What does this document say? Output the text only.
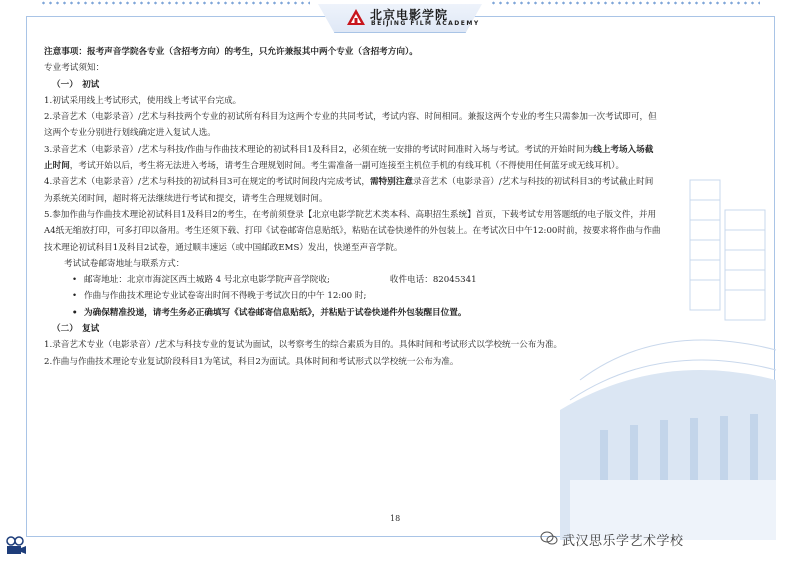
北京电影学院
BEIJING FILM ACADEMY

注意事项：报考声音学院各专业（含招考方向）的考生，只允许兼报其中两个专业（含招考方向）。

专业考试须知：

（一）　初试

1.初试采用线上考试形式，使用线上考试平台完成。

2.录音艺术（电影录音）/艺术与科技两个专业的初试所有科目为这两个专业的共同考试，考试内容、时间相同。兼报这两个专业的考生只需参加一次考试即可，但

这两个专业分别进行划线确定进入复试人选。

3.录音艺术（电影录音）/艺术与科技/作曲与作曲技术理论的初试科目1及科目2，必须在统一安排的考试时间准时入场与考试。考试的开始时间为线上考场入场截

止时间，考试开始以后，考生将无法进入考场，请考生合理规划时间。考生需准备一副可连接至主机位手机的有线耳机（不得使用任何蓝牙或无线耳机）。

4.录音艺术（电影录音）/艺术与科技的初试科目3可在规定的考试时间段内完成考试，需特别注意录音艺术（电影录音）/艺术与科技的初试科目3的考试截止时间

为系统关闭时间，超时将无法继续进行考试和提交，请考生合理规划时间。

5.参加作曲与作曲技术理论初试科目1及科目2的考生，在考前须登录【北京电影学院艺术类本科、高职招生系统】首页，下载考试专用答题纸的电子版文件，并用

A4纸无缩放打印，可多打印以备用。考生还须下载、打印《试卷邮寄信息贴纸》，粘贴在试卷快递件的外包装上。在考试次日中午12:00时前，按要求将作曲与作曲

技术理论初试科目1及科目2试卷，通过顺丰速运（或中国邮政EMS）发出，快递至声音学院。

考试试卷邮寄地址与联系方式：

• 邮寄地址：北京市海淀区西土城路 4 号北京电影学院声音学院收;	收件电话：82045341

• 作曲与作曲技术理论专业试卷寄出时间不得晚于考试次日的中午 12:00 时;

• 为确保精准投递，请考生务必正确填写《试卷邮寄信息贴纸》，并粘贴于试卷快递件外包装醒目位置。

（二）　复试

1.录音艺术专业（电影录音）/艺术与科技专业的复试为面试，以考察考生的综合素质为目的。具体时间和考试形式以学校统一公布为准。

2.作曲与作曲技术理论专业复试阶段科目1为笔试，科目2为面试。具体时间和考试形式以学校统一公布为准。

18
武汉思乐学艺术学校
